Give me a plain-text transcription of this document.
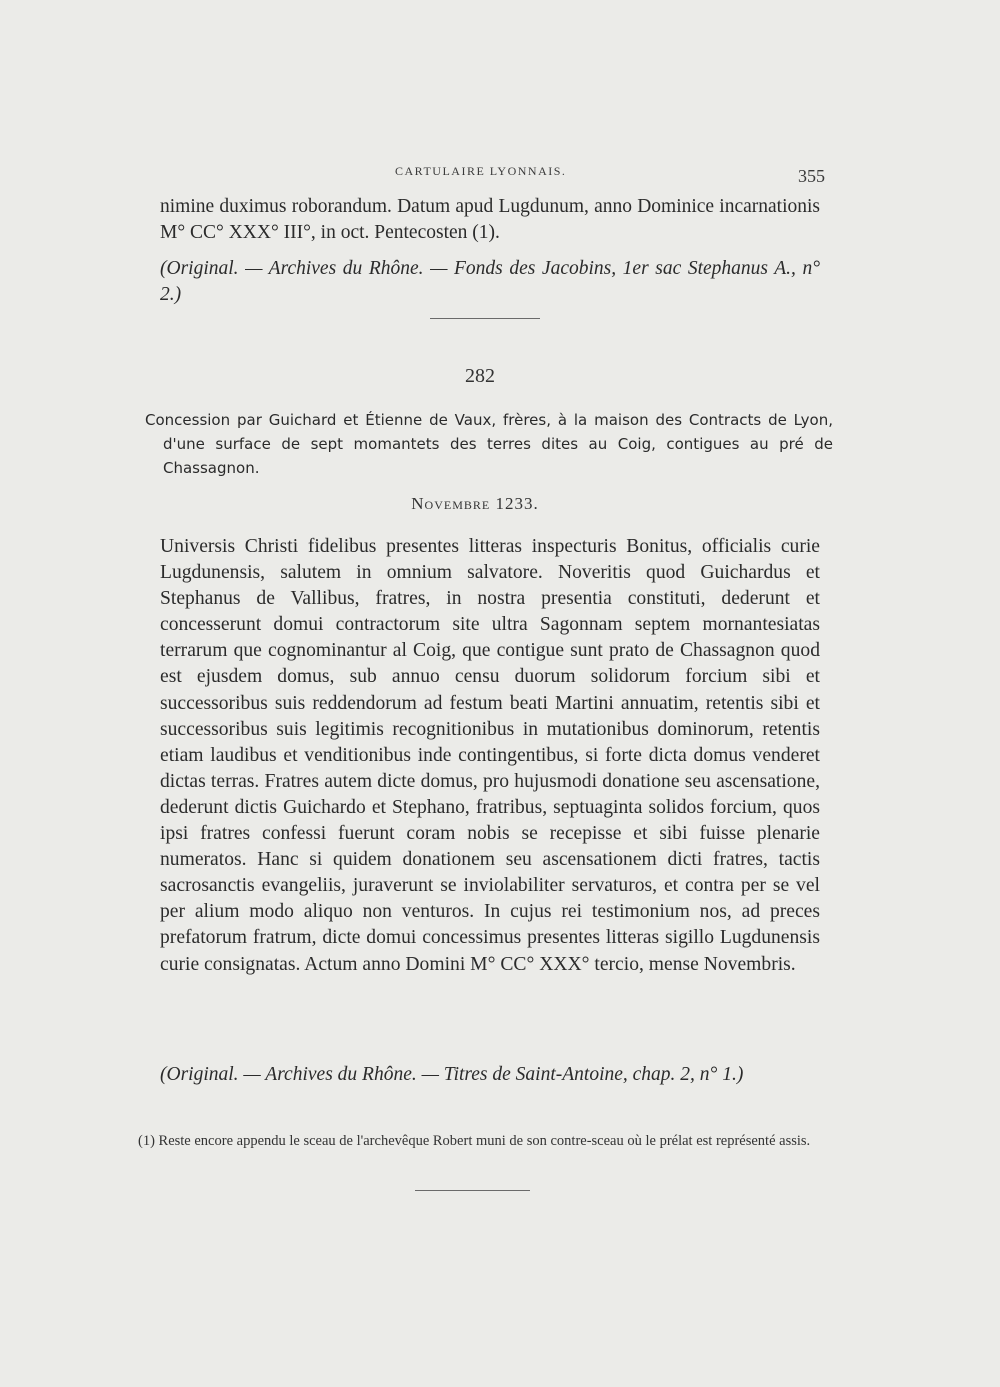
CARTULAIRE LYONNAIS.	355

nimine duximus roborandum. Datum apud Lugdunum, anno Dominice incarnationis M° CC° XXX° III°, in oct. Pentecosten (1).

(Original. — Archives du Rhône. — Fonds des Jacobins, 1er sac Stephanus A., n° 2.)

282
Concession par Guichard et Étienne de Vaux, frères, à la maison des Contracts de Lyon, d'une surface de sept momantets des terres dites au Coig, contigues au pré de Chassagnon.
Novembre 1233.

Universis Christi fidelibus presentes litteras inspecturis Bonitus, officialis curie Lugdunensis, salutem in omnium salvatore. Noveritis quod Guichardus et Stephanus de Vallibus, fratres, in nostra presentia constituti, dederunt et concesserunt domui contractorum site ultra Sagonnam septem mornantesiatas terrarum que cognominantur al Coig, que contigue sunt prato de Chassagnon quod est ejusdem domus, sub annuo censu duorum solidorum forcium sibi et successoribus suis reddendorum ad festum beati Martini annuatim, retentis sibi et successoribus suis legitimis recognitionibus in mutationibus dominorum, retentis etiam laudibus et venditionibus inde contingentibus, si forte dicta domus venderet dictas terras. Fratres autem dicte domus, pro hujusmodi donatione seu ascensatione, dederunt dictis Guichardo et Stephano, fratribus, septuaginta solidos forcium, quos ipsi fratres confessi fuerunt coram nobis se recepisse et sibi fuisse plenarie numeratos. Hanc si quidem donationem seu ascensationem dicti fratres, tactis sacrosanctis evangeliis, juraverunt se inviolabiliter servaturos, et contra per se vel per alium modo aliquo non venturos. In cujus rei testimonium nos, ad preces prefatorum fratrum, dicte domui concessimus presentes litteras sigillo Lugdunensis curie consignatas. Actum anno Domini M° CC° XXX° tercio, mense Novembris.

(Original. — Archives du Rhône. — Titres de Saint-Antoine, chap. 2, n° 1.)

(1) Reste encore appendu le sceau de l'archevêque Robert muni de son contre-sceau où le prélat est représenté assis.
